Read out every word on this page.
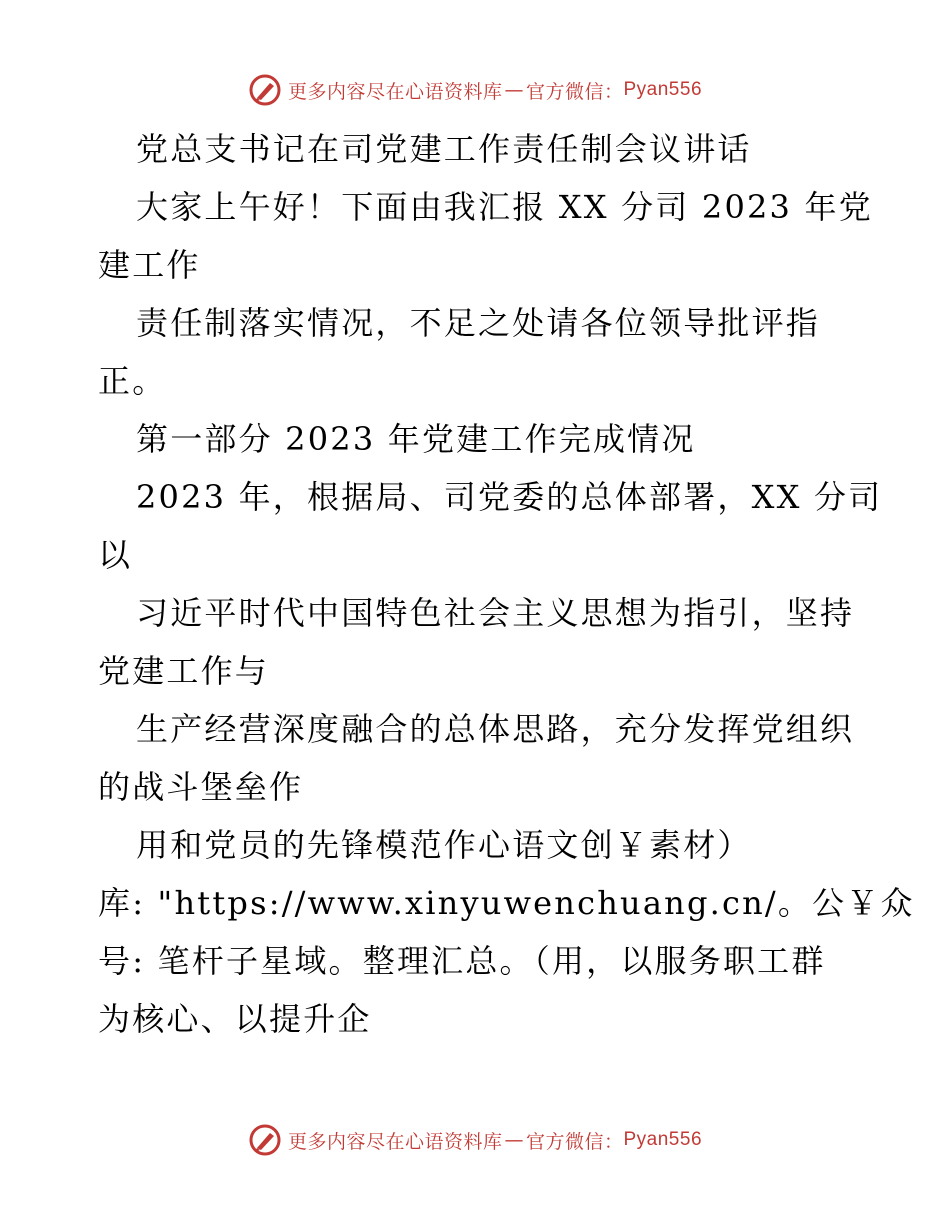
更多内容尽在心语资料库 — 官方微信： Pyan556
党总支书记在司党建工作责任制会议讲话
大家上午好！下面由我汇报 XX 分司 2023 年党
建工作
责任制落实情况，不足之处请各位领导批评指
正。
第一部分 2023 年党建工作完成情况
2023 年，根据局、司党委的总体部署，XX 分司
以
习近平时代中国特色社会主义思想为指引，坚持
党建工作与
生产经营深度融合的总体思路，充分发挥党组织
的战斗堡垒作
用和党员的先锋模范作心语文创￥素材）
库: "https://www.xinyuwenchuang.cn/。公￥众
号: 笔杆子星域。整理汇总。（用，以服务职工群
为核心、以提升企
更多内容尽在心语资料库 — 官方微信： Pyan556
